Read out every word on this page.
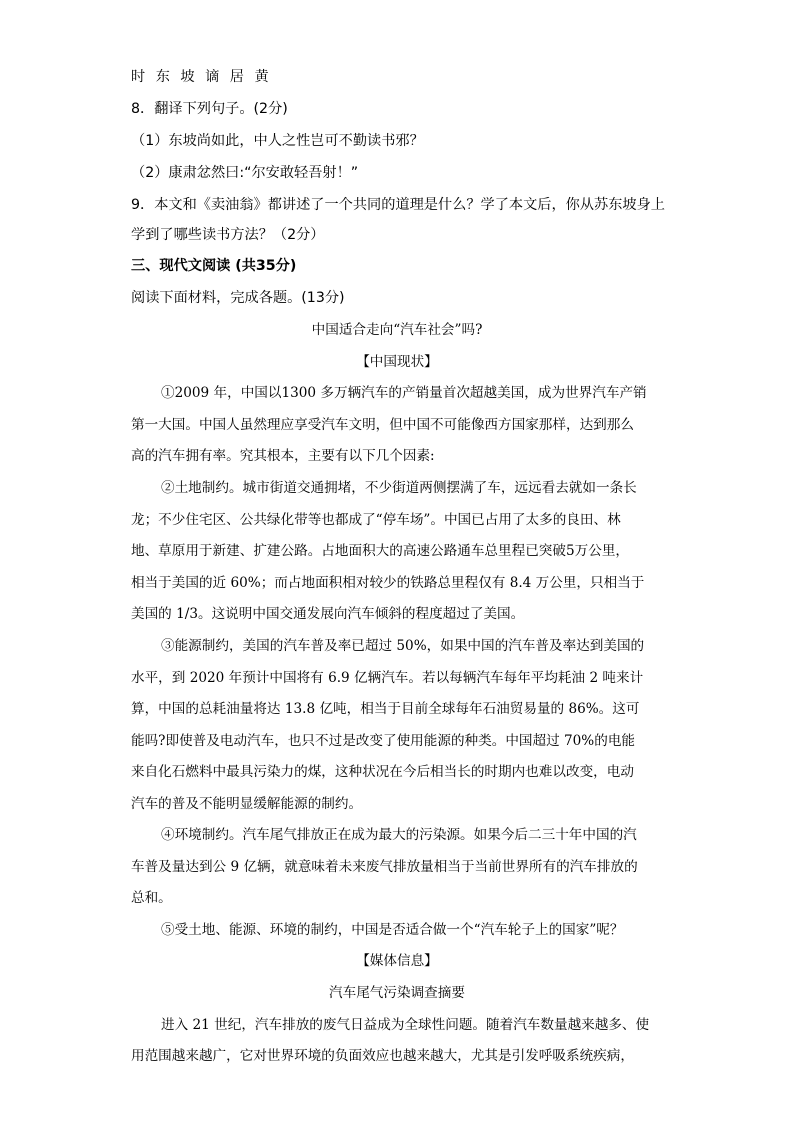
时 东 坡 谪 居 黄
8．翻译下列句子。(2分)
（1）东坡尚如此，中人之性岂可不勤读书邪？
（2）康肃忿然曰:“尔安敢轻吾射！”
9．本文和《卖油翁》都讲述了一个共同的道理是什么？学了本文后，你从苏东坡身上
学到了哪些读书方法？（2分）
三、现代文阅读 (共35分)
阅读下面材料，完成各题。(13分)
中国适合走向“汽车社会”吗?
【中国现状】
①2009 年，中国以1300 多万辆汽车的产销量首次超越美国，成为世界汽车产销
第一大国。中国人虽然理应享受汽车文明，但中国不可能像西方国家那样，达到那么
高的汽车拥有率。究其根本，主要有以下几个因素:
②土地制约。城市街道交通拥堵，不少街道两侧摆满了车，远远看去就如一条长
龙；不少住宅区、公共绿化带等也都成了“停车场”。中国已占用了太多的良田、林
地、草原用于新建、扩建公路。占地面积大的高速公路通车总里程已突破5万公里，
相当于美国的近 60%；而占地面积相对较少的铁路总里程仅有 8.4 万公里，只相当于
美国的 1/3。这说明中国交通发展向汽车倾斜的程度超过了美国。
③能源制约，美国的汽车普及率已超过 50%，如果中国的汽车普及率达到美国的
水平，到 2020 年预计中国将有 6.9 亿辆汽车。若以每辆汽车每年平均耗油 2 吨来计
算，中国的总耗油量将达 13.8 亿吨，相当于目前全球每年石油贸易量的 86%。这可
能吗?即使普及电动汽车，也只不过是改变了使用能源的种类。中国超过 70%的电能
来自化石燃料中最具污染力的煤，这种状况在今后相当长的时期内也难以改变，电动
汽车的普及不能明显缓解能源的制约。
④环境制约。汽车尾气排放正在成为最大的污染源。如果今后二三十年中国的汽
车普及量达到公 9 亿辆，就意味着未来废气排放量相当于当前世界所有的汽车排放的
总和。
⑤受土地、能源、环境的制约，中国是否适合做一个“汽车轮子上的国家”呢？
【媒体信息】
汽车尾气污染调查摘要
进入 21 世纪，汽车排放的废气日益成为全球性问题。随着汽车数量越来越多、使
用范围越来越广，它对世界环境的负面效应也越来越大，尤其是引发呼吸系统疾病，
